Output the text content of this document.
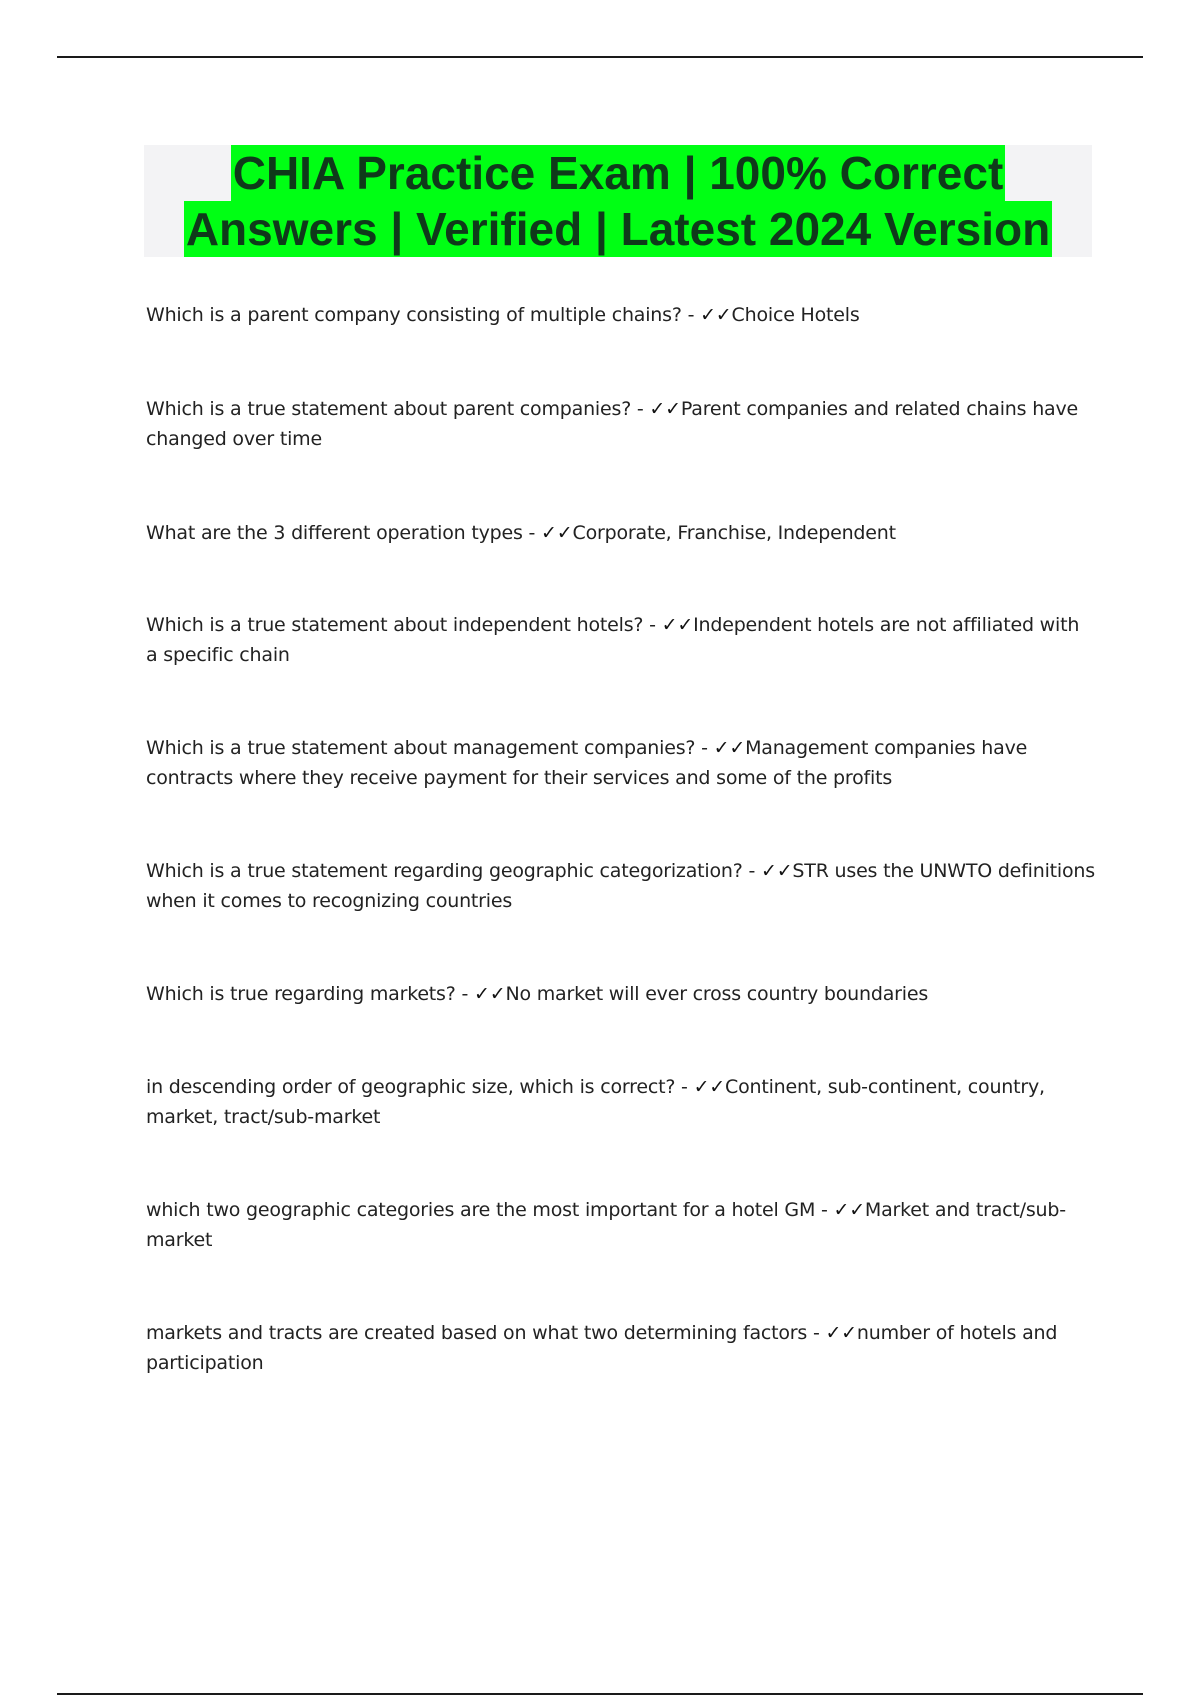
CHIA Practice Exam | 100% Correct
Answers | Verified | Latest 2024 Version
Which is a parent company consisting of multiple chains? - ✓✓Choice Hotels
Which is a true statement about parent companies? - ✓✓Parent companies and related chains have changed over time
What are the 3 different operation types - ✓✓Corporate, Franchise, Independent
Which is a true statement about independent hotels? - ✓✓Independent hotels are not affiliated with a specific chain
Which is a true statement about management companies? - ✓✓Management companies have contracts where they receive payment for their services and some of the profits
Which is a true statement regarding geographic categorization? - ✓✓STR uses the UNWTO definitions when it comes to recognizing countries
Which is true regarding markets? - ✓✓No market will ever cross country boundaries
in descending order of geographic size, which is correct? - ✓✓Continent, sub-continent, country, market, tract/sub-market
which two geographic categories are the most important for a hotel GM - ✓✓Market and tract/sub-market
markets and tracts are created based on what two determining factors - ✓✓number of hotels and participation
